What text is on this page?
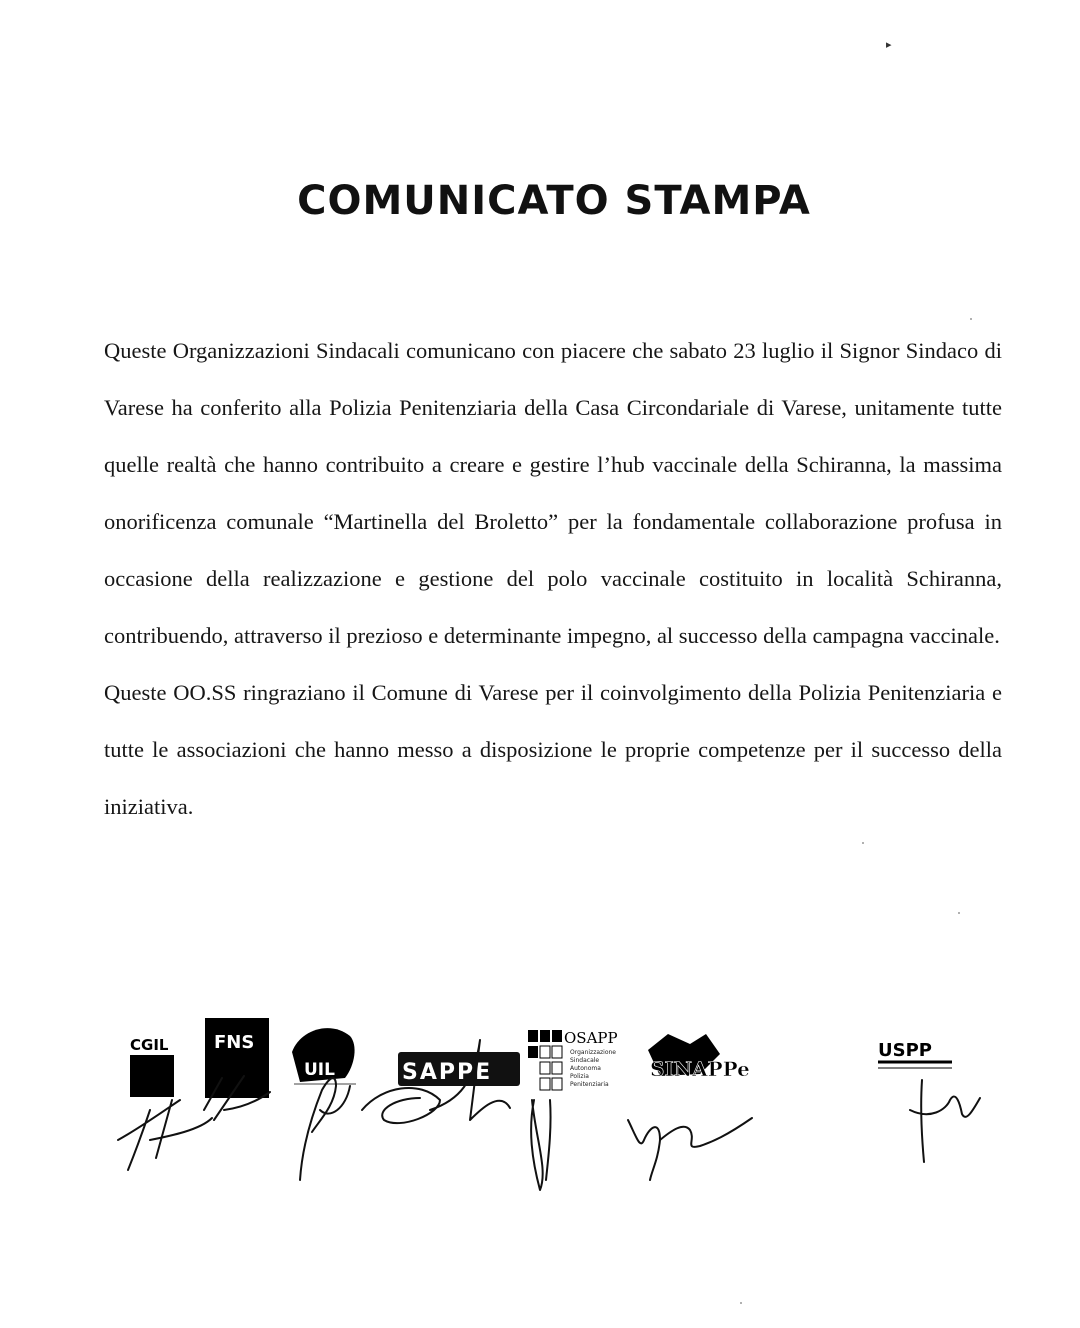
▸
COMUNICATO STAMPA

Queste Organizzazioni Sindacali comunicano con piacere che sabato 23 luglio il Signor Sindaco di Varese ha conferito alla Polizia Penitenziaria della Casa Circondariale di Varese, unitamente tutte quelle realtà che hanno contribuito a creare e gestire l’hub vaccinale della Schiranna, la massima onorificenza comunale “Martinella del Broletto” per la fondamentale collaborazione profusa in occasione della realizzazione e gestione del polo vaccinale costituito in località Schiranna, contribuendo, attraverso il prezioso e determinante impegno, al successo della campagna vaccinale.

Queste OO.SS ringraziano il Comune di Varese per il coinvolgimento della Polizia Penitenziaria e tutte le associazioni che hanno messo a disposizione le proprie competenze per il successo della iniziativa.

CGIL	FNS
UIL	SAPPE
OSAPP
Organizzazione
Sindacale
Autonoma
Polizia
Penitenziaria
SINAPPe
USPP
